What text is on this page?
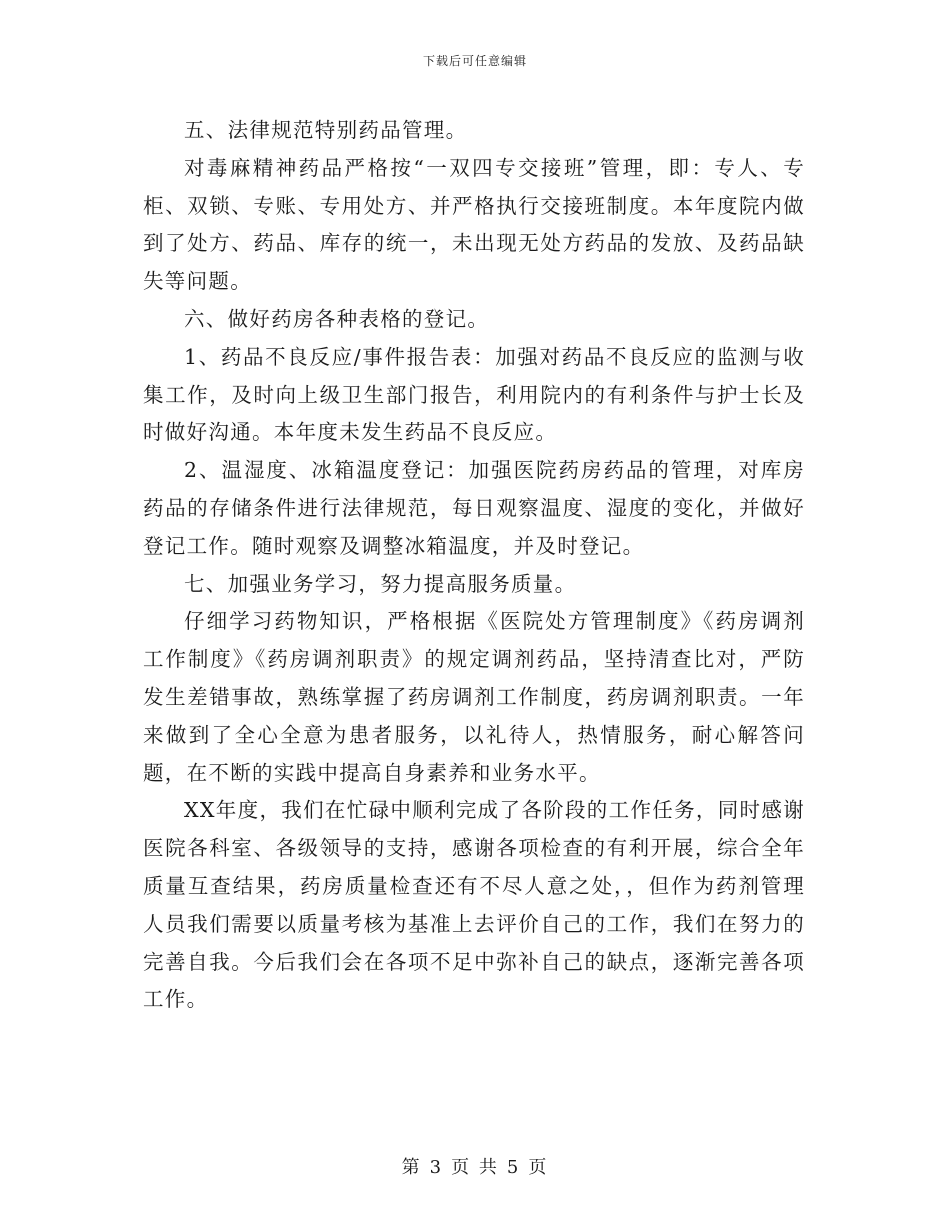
下载后可任意编辑

五、法律规范特别药品管理。

对毒麻精神药品严格按“一双四专交接班”管理，即：专人、专柜、双锁、专账、专用处方、并严格执行交接班制度。本年度院内做到了处方、药品、库存的统一，未出现无处方药品的发放、及药品缺失等问题。

六、做好药房各种表格的登记。

1、药品不良反应/事件报告表：加强对药品不良反应的监测与收集工作，及时向上级卫生部门报告，利用院内的有利条件与护士长及时做好沟通。本年度未发生药品不良反应。

2、温湿度、冰箱温度登记：加强医院药房药品的管理，对库房药品的存储条件进行法律规范，每日观察温度、湿度的变化，并做好登记工作。随时观察及调整冰箱温度，并及时登记。

七、加强业务学习，努力提高服务质量。

仔细学习药物知识，严格根据《医院处方管理制度》《药房调剂工作制度》《药房调剂职责》的规定调剂药品，坚持清查比对，严防发生差错事故，熟练掌握了药房调剂工作制度，药房调剂职责。一年来做到了全心全意为患者服务，以礼待人，热情服务，耐心解答问题，在不断的实践中提高自身素养和业务水平。

XX年度，我们在忙碌中顺利完成了各阶段的工作任务，同时感谢医院各科室、各级领导的支持，感谢各项检查的有利开展，综合全年质量互查结果，药房质量检查还有不尽人意之处，，但作为药剂管理人员我们需要以质量考核为基准上去评价自己的工作，我们在努力的完善自我。今后我们会在各项不足中弥补自己的缺点，逐渐完善各项工作。

第 3 页 共 5 页
